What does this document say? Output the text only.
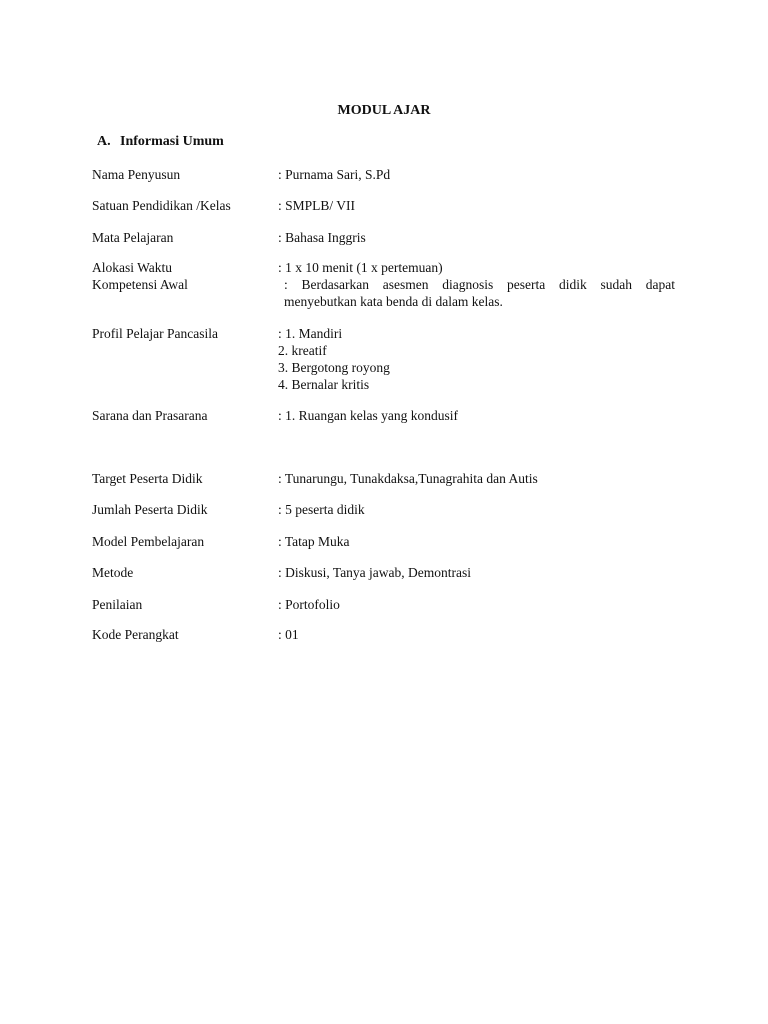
MODUL AJAR
A. Informasi Umum
Nama Penyusun	: Purnama Sari, S.Pd
Satuan Pendidikan /Kelas	: SMPLB/ VII
Mata Pelajaran	: Bahasa Inggris
Alokasi Waktu	: 1 x 10 menit (1 x pertemuan)
Kompetensi Awal	: Berdasarkan asesmen diagnosis peserta didik sudah dapat
menyebutkan kata benda di dalam kelas.
Profil Pelajar Pancasila	: 1. Mandiri
2. kreatif
3. Bergotong royong
4. Bernalar kritis
Sarana dan Prasarana	: 1. Ruangan kelas yang kondusif
Target Peserta Didik	: Tunarungu, Tunakdaksa,Tunagrahita dan Autis
Jumlah Peserta Didik	: 5 peserta didik
Model Pembelajaran	: Tatap Muka
Metode	: Diskusi, Tanya jawab, Demontrasi
Penilaian	: Portofolio
Kode Perangkat	: 01
